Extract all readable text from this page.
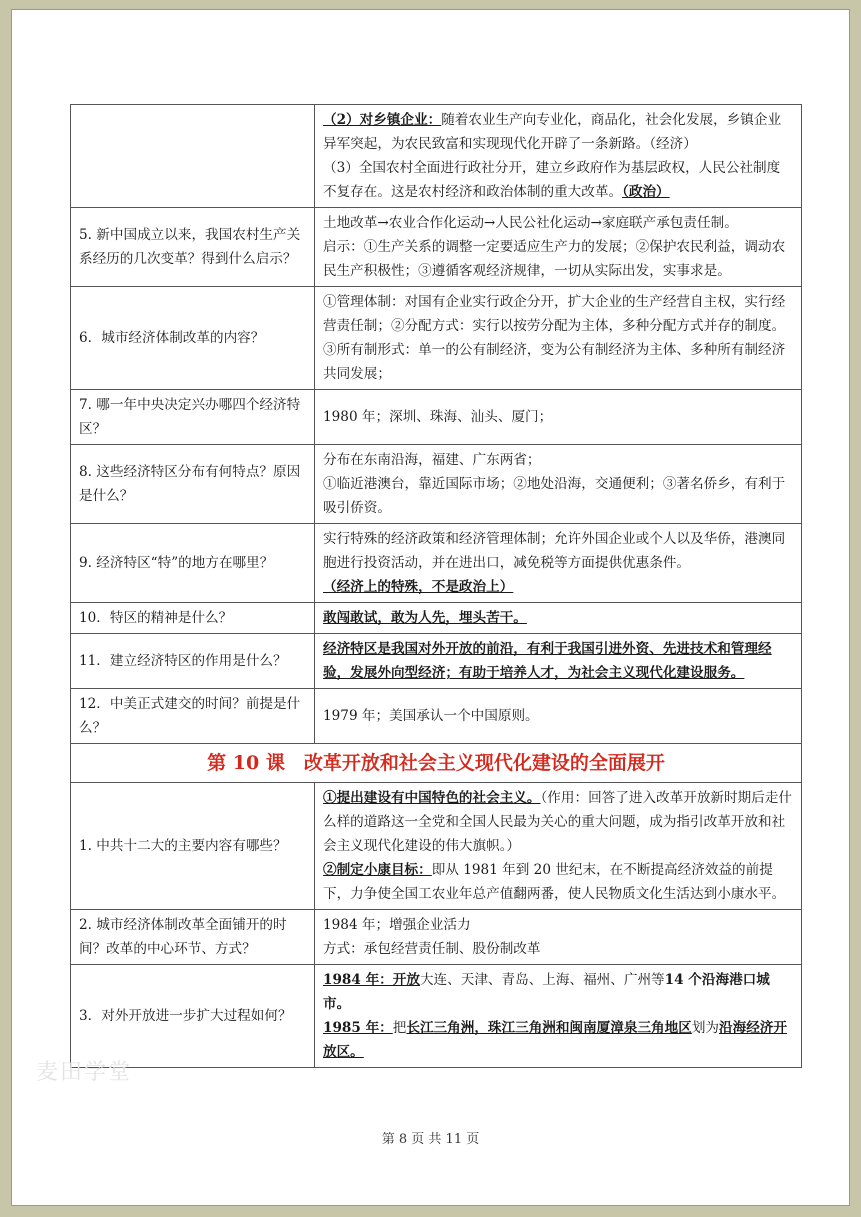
	（2）对乡镇企业：随着农业生产向专业化，商品化，社会化发展，乡镇企业异军突起，为农民致富和实现现代化开辟了一条新路。（经济）
（3）全国农村全面进行政社分开，建立乡政府作为基层政权，人民公社制度不复存在。这是农村经济和政治体制的重大改革。（政治）
5. 新中国成立以来，我国农村生产关系经历的几次变革？得到什么启示？	土地改革→农业合作化运动→人民公社化运动→家庭联产承包责任制。
启示：①生产关系的调整一定要适应生产力的发展；②保护农民利益，调动农民生产积极性；③遵循客观经济规律，一切从实际出发，实事求是。
6．城市经济体制改革的内容？	①管理体制：对国有企业实行政企分开，扩大企业的生产经营自主权，实行经营责任制；②分配方式：实行以按劳分配为主体，多种分配方式并存的制度。③所有制形式：单一的公有制经济，变为公有制经济为主体、多种所有制经济共同发展；
7. 哪一年中央决定兴办哪四个经济特区？	1980 年；深圳、珠海、汕头、厦门；
8. 这些经济特区分布有何特点？原因是什么？	分布在东南沿海，福建、广东两省；
①临近港澳台，靠近国际市场；②地处沿海，交通便利；③著名侨乡，有利于吸引侨资。
9. 经济特区“特”的地方在哪里？	实行特殊的经济政策和经济管理体制；允许外国企业或个人以及华侨，港澳同胞进行投资活动，并在进出口，减免税等方面提供优惠条件。
（经济上的特殊，不是政治上）
10．特区的精神是什么？	敢闯敢试，敢为人先，埋头苦干。
11．建立经济特区的作用是什么？	经济特区是我国对外开放的前沿，有利于我国引进外资、先进技术和管理经验，发展外向型经济；有助于培养人才，为社会主义现代化建设服务。
12．中美正式建交的时间？前提是什么？	1979 年；美国承认一个中国原则。
第 10 课　改革开放和社会主义现代化建设的全面展开	
1. 中共十二大的主要内容有哪些？	①提出建设有中国特色的社会主义。（作用：回答了进入改革开放新时期后走什么样的道路这一全党和全国人民最为关心的重大问题，成为指引改革开放和社会主义现代化建设的伟大旗帜。）
②制定小康目标：即从 1981 年到 20 世纪末，在不断提高经济效益的前提下，力争使全国工农业年总产值翻两番，使人民物质文化生活达到小康水平。
2. 城市经济体制改革全面铺开的时间？改革的中心环节、方式？	1984 年；增强企业活力
方式：承包经营责任制、股份制改革
3．对外开放进一步扩大过程如何？	1984 年：开放大连、天津、青岛、上海、福州、广州等14 个沿海港口城市。
1985 年：把长江三角洲，珠江三角洲和闽南厦漳泉三角地区划为沿海经济开放区。
麦田学堂
第 8 页 共 11 页
